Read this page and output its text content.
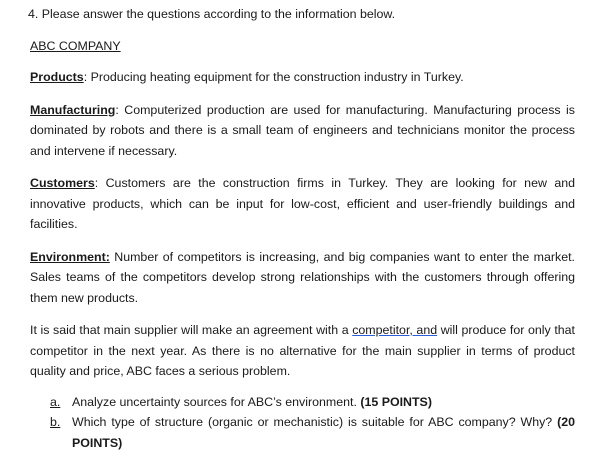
4. Please answer the questions according to the information below.
ABC COMPANY

Products: Producing heating equipment for the construction industry in Turkey.

Manufacturing: Computerized production are used for manufacturing. Manufacturing process is dominated by robots and there is a small team of engineers and technicians monitor the process and intervene if necessary.

Customers: Customers are the construction firms in Turkey. They are looking for new and innovative products, which can be input for low-cost, efficient and user-friendly buildings and facilities.

Environment: Number of competitors is increasing, and big companies want to enter the market. Sales teams of the competitors develop strong relationships with the customers through offering them new products.

It is said that main supplier will make an agreement with a competitor, and will produce for only that competitor in the next year. As there is no alternative for the main supplier in terms of product quality and price, ABC faces a serious problem.

a. Analyze uncertainty sources for ABC’s environment. (15 POINTS)
b. Which type of structure (organic or mechanistic) is suitable for ABC company? Why? (20 POINTS)
